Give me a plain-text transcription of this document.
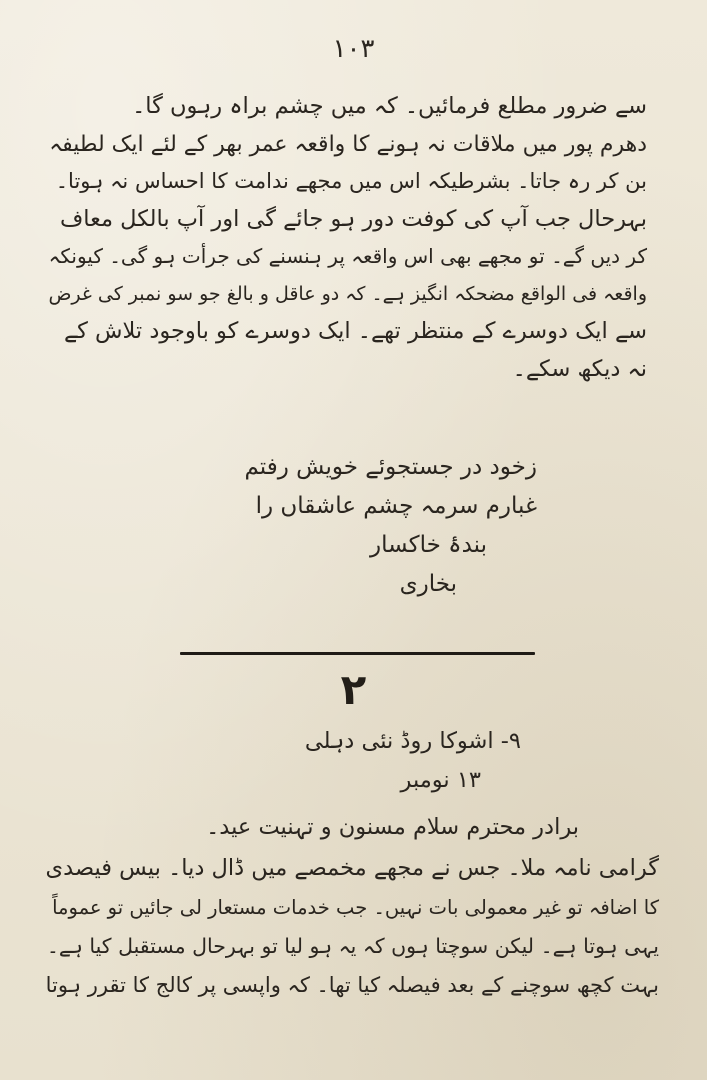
١٠٣
سے ضرور مطلع فرمائیں۔ کہ میں چشم براہ رہوں گا۔
دھرم پور میں ملاقات نہ ہونے کا واقعہ عمر بھر کے لئے ایک لطیفہ
بن کر رہ جاتا۔ بشرطیکہ اس میں مجھے ندامت کا احساس نہ ہوتا۔
بہرحال جب آپ کی کوفت دور ہو جائے گی اور آپ بالکل معاف
کر دیں گے۔ تو مجھے بھی اس واقعہ پر ہنسنے کی جرأت ہو گی۔ کیونکہ
واقعہ فی الواقع مضحکہ انگیز ہے۔ کہ دو عاقل و بالغ جو سو نمبر کی غرض
سے ایک دوسرے کے منتظر تھے۔ ایک دوسرے کو باوجود تلاش کے
نہ دیکھ سکے۔
زخود در جستجوئے خویش رفتم
غبارم سرمہ چشم عاشقاں را
بندۂ خاکسار
بخاری
۲
۹- اشوکا روڈ نئی دہلی
۱۳ نومبر
برادر محترم سلام مسنون و تہنیت عید۔
گرامی نامہ ملا۔ جس نے مجھے مخمصے میں ڈال دیا۔ بیس فیصدی
کا اضافہ تو غیر معمولی بات نہیں۔ جب خدمات مستعار لی جائیں تو عموماً
یہی ہوتا ہے۔ لیکن سوچتا ہوں کہ یہ ہو لیا تو بہرحال مستقبل کیا ہے۔
بہت کچھ سوچنے کے بعد فیصلہ کیا تھا۔ کہ واپسی پر کالج کا تقرر ہوتا
